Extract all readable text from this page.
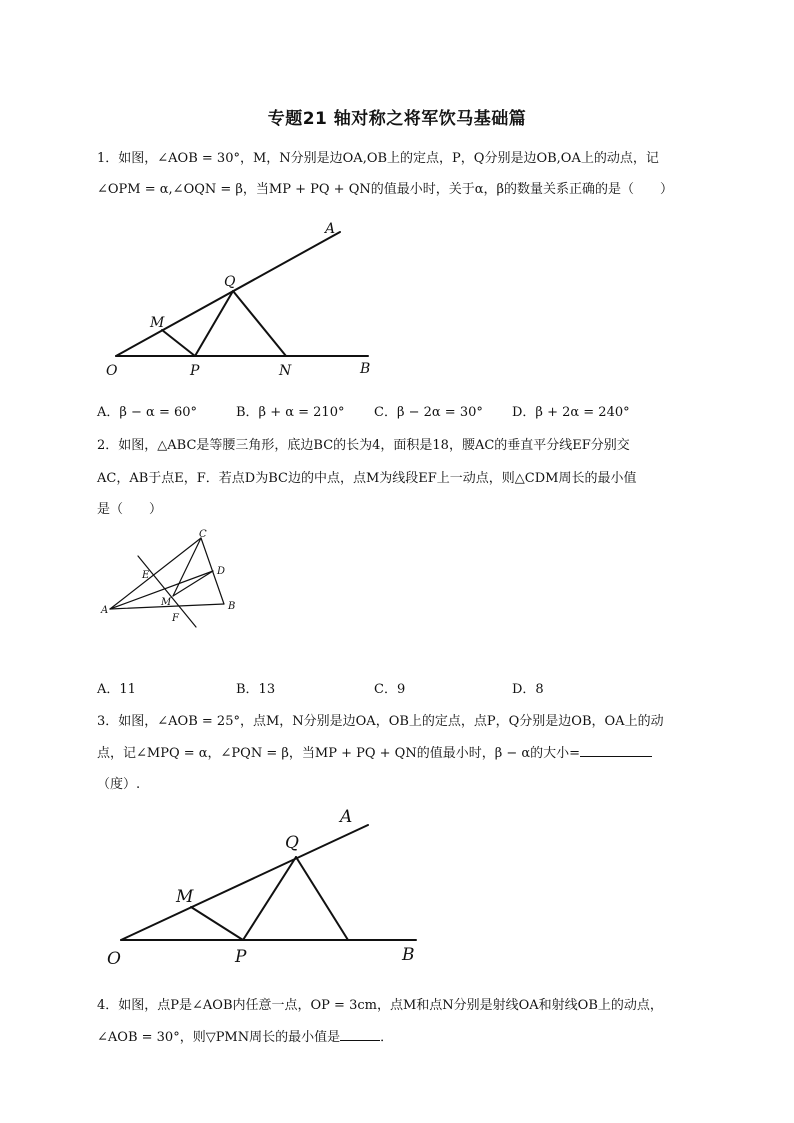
专题21 轴对称之将军饮马基础篇
1．如图，∠AOB = 30°，M，N分别是边OA,OB上的定点，P，Q分别是边OB,OA上的动点，记
∠OPM = α,∠OQN = β，当MP + PQ + QN的值最小时，关于α，β的数量关系正确的是（　　）
A
Q
M
O	P	N	B
A．β − α = 60°	B．β + α = 210° C．β − 2α = 30° D．β + 2α = 240°
2．如图，△ABC是等腰三角形，底边BC的长为4，面积是18，腰AC的垂直平分线EF分别交
AC，AB于点E，F．若点D为BC边的中点，点M为线段EF上一动点，则△CDM周长的最小值
是（　　）
C
E	D
M
A	B
F
A．11	B．13	C．9	D．8
3．如图，∠AOB = 25°，点M，N分别是边OA，OB上的定点，点P，Q分别是边OB，OA上的动
点，记∠MPQ = α，∠PQN = β，当MP + PQ + QN的值最小时，β − α的大小=
（度）.
A
Q
M
O	P	B
4．如图，点P是∠AOB内任意一点，OP = 3cm，点M和点N分别是射线OA和射线OB上的动点，
∠AOB = 30°，则▽PMN周长的最小值是	．
